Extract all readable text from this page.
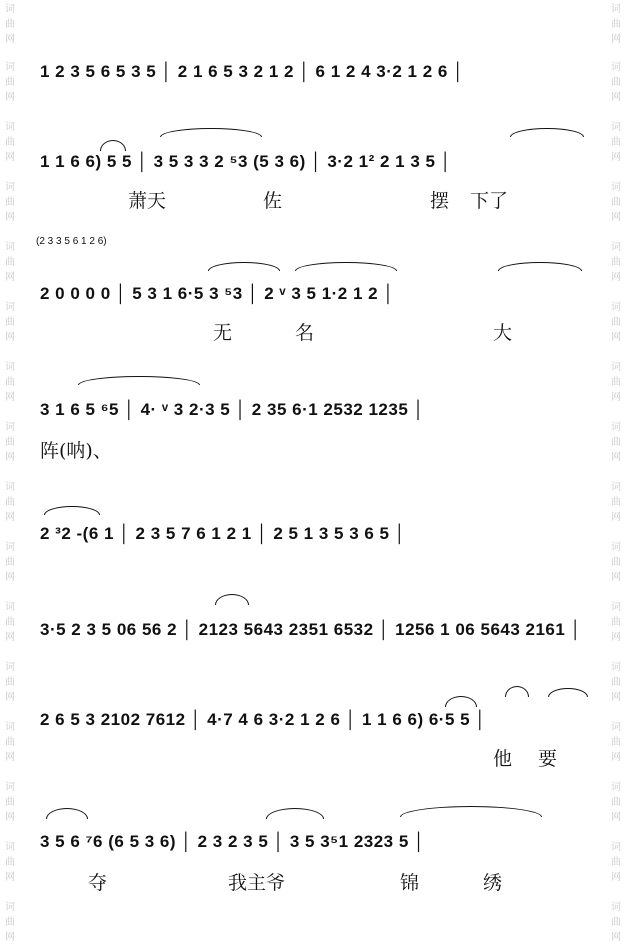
词曲网
词曲网
词曲网
词曲网
词曲网
词曲网
词曲网
词曲网
词曲网
词曲网
词曲网
词曲网
词曲网
词曲网
词曲网
词曲网
词曲网
词曲网
词曲网
词曲网
词曲网
词曲网
词曲网
词曲网
词曲网
词曲网
词曲网
词曲网
词曲网
词曲网
词曲网
词曲网
1 2 3 5 6 5 3 5 │ 2 1 6 5 3 2 1 2 │ 6 1 2 4 3·2 1 2 6 │
1 1 6 6) 5 5 │ 3 5 3 3 2 ⁵3 (5 3 6) │ 3·2 1² 2 1 3 5 │
萧天	佐	摆 下了
(2 3 3 5 6 1 2 6)
2 0 0 0 0 │ 5 3 1 6·5 3 ⁵3 │ 2 ᵛ 3 5 1·2 1 2 │
无	名	大
3 1 6 5 ⁶5 │ 4· ᵛ 3 2·3 5 │ 2 35 6·1 2532 1235 │
阵(呐)、
2 ³2 -(6 1 │ 2 3 5 7 6 1 2 1 │ 2 5 1 3 5 3 6 5 │
3·5 2 3 5 06 56 2 │ 2123 5643 2351 6532 │ 1256 1 06 5643 2161 │
2 6 5 3 2102 7612 │ 4·7 4 6 3·2 1 2 6 │ 1 1 6 6) 6·5 5 │
他 要
3 5 6 ⁷6 (6 5 3 6) │ 2 3 2 3 5 │ 3 5 3⁵1 2323 5 │
夺	我主爷	锦	绣
